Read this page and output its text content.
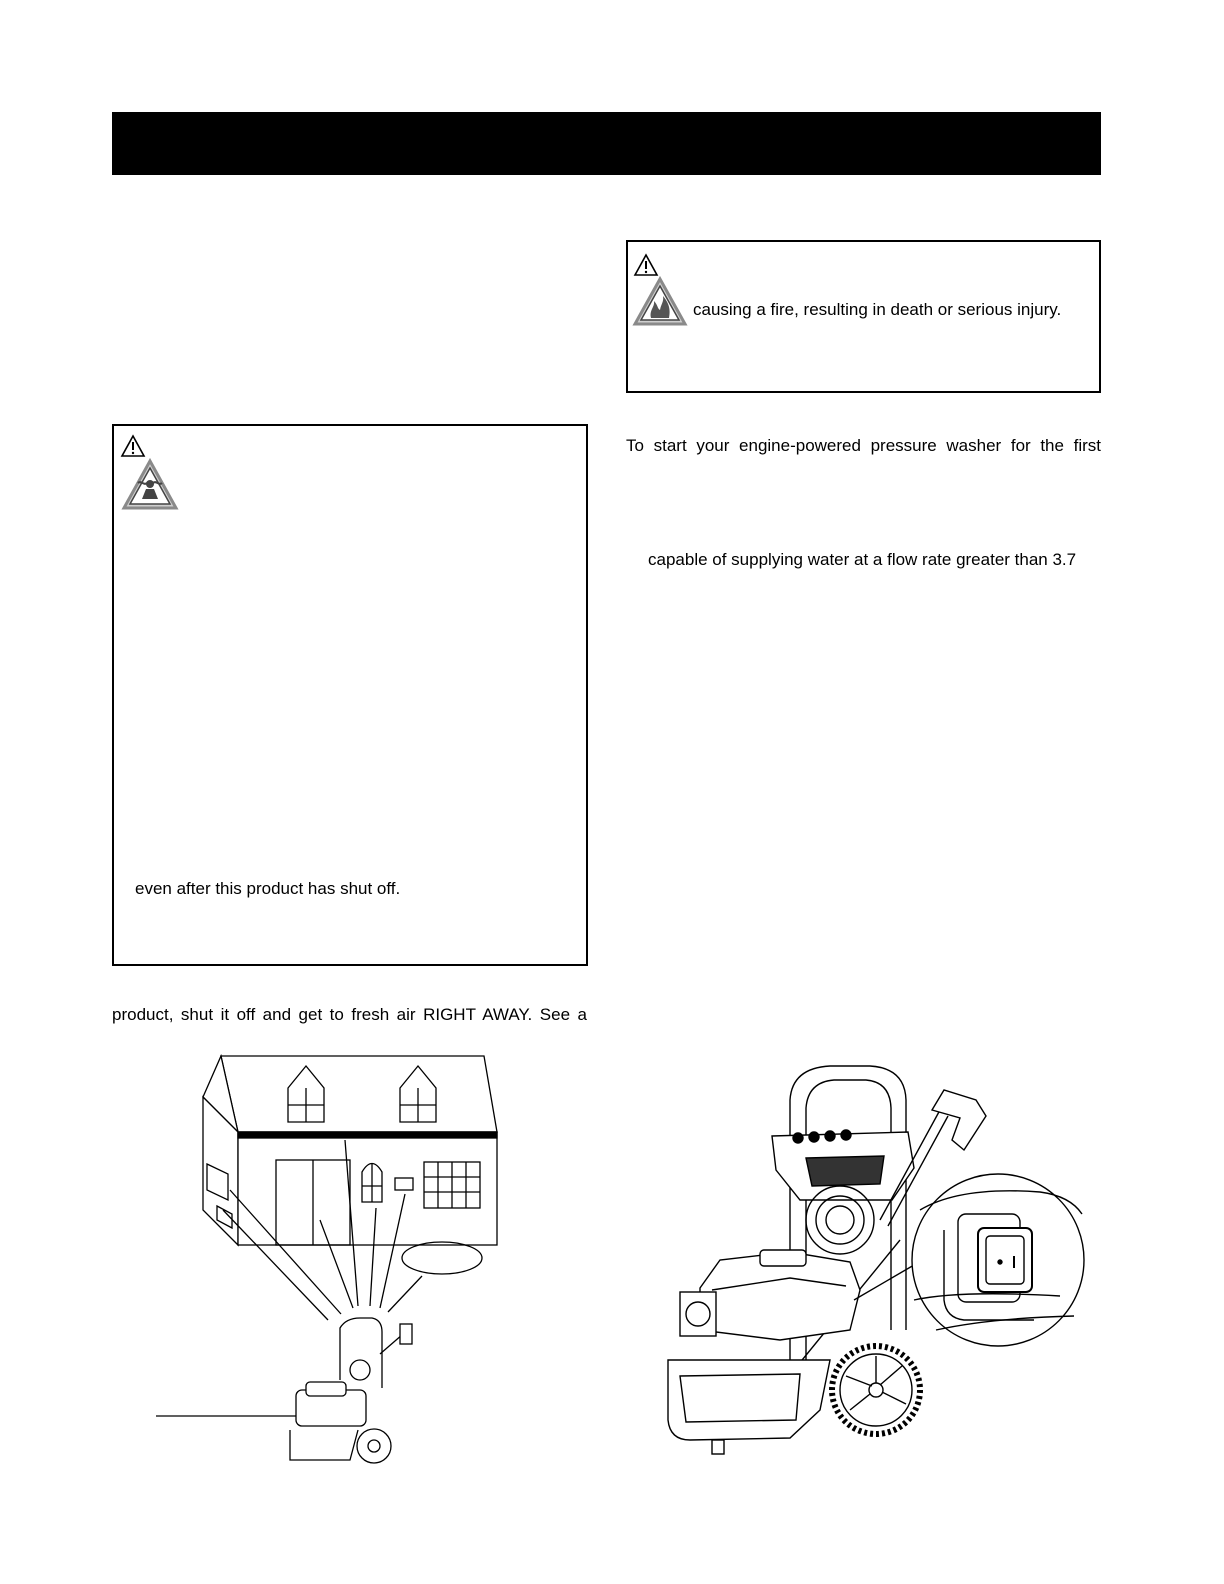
causing a fire, resulting in death or serious injury.
even after this product has shut off.
To start your engine-powered pressure washer for the first
capable of supplying water at a flow rate greater than 3.7
product, shut it off and get to fresh air RIGHT AWAY. See a
